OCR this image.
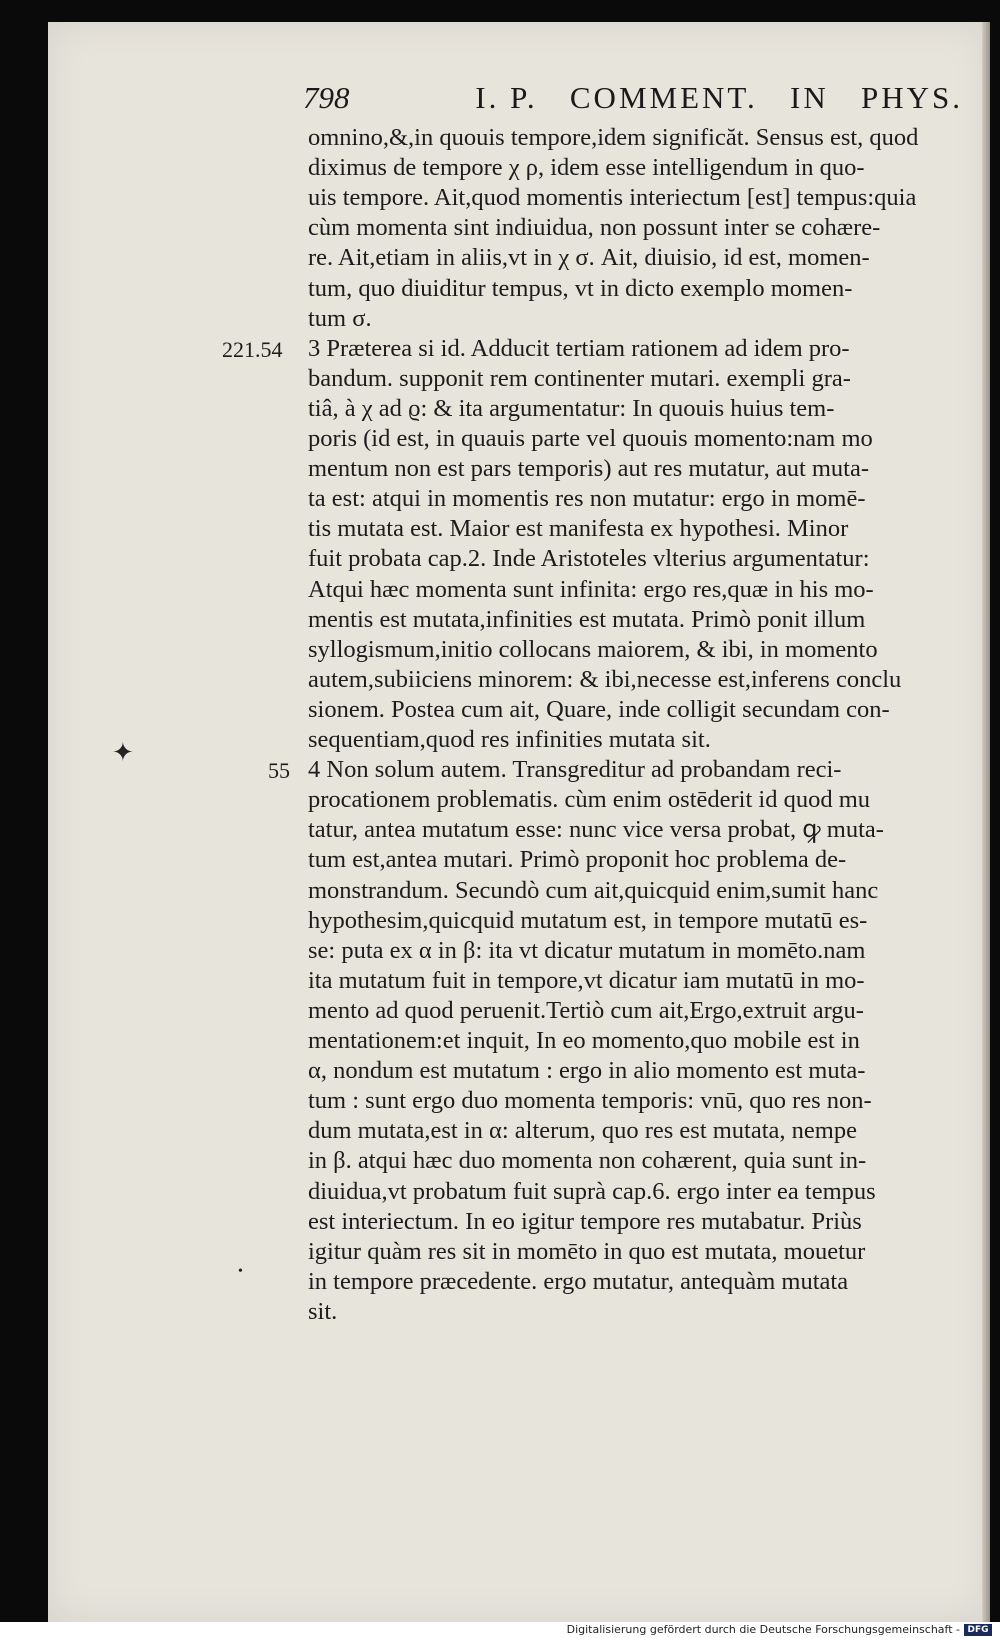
798	I. P.   COMMENT.   IN   PHYS.
omnino,&,in quouis tempore,idem significăt. Sensus est, quod
diximus de tempore χ ρ, idem esse intelligendum in quo-
uis tempore. Ait,quod momentis interiectum [est] tempus:quia
cùm momenta sint indiuidua, non possunt inter se cohære-
re. Ait,etiam in aliis,vt in χ σ. Ait, diuisio, id est, momen-
tum, quo diuiditur tempus, vt in dicto exemplo momen-
tum σ.
3 Præterea si id. Adducit tertiam rationem ad idem pro-
bandum. supponit rem continenter mutari. exempli gra-
tiâ, à χ ad ϱ: & ita argumentatur: In quouis huius tem-
poris (id est, in quauis parte vel quouis momento:nam mo
mentum non est pars temporis) aut res mutatur, aut muta-
ta est: atqui in momentis res non mutatur: ergo in momē-
tis mutata est. Maior est manifesta ex hypothesi. Minor
fuit probata cap.2. Inde Aristoteles vlterius argumentatur:
Atqui hæc momenta sunt infinita: ergo res,quæ in his mo-
mentis est mutata,infinities est mutata. Primò ponit illum
syllogismum,initio collocans maiorem, & ibi, in momento
autem,subiiciens minorem: & ibi,necesse est,inferens conclu
sionem. Postea cum ait, Quare, inde colligit secundam con-
sequentiam,quod res infinities mutata sit.
4 Non solum autem. Transgreditur ad probandam reci-
procationem problematis. cùm enim ostēderit id quod mu
tatur, antea mutatum esse: nunc vice versa probat, ꝙ muta-
tum est,antea mutari. Primò proponit hoc problema de-
monstrandum. Secundò cum ait,quicquid enim,sumit hanc
hypothesim,quicquid mutatum est, in tempore mutatū es-
se: puta ex α in β: ita vt dicatur mutatum in momēto.nam
ita mutatum fuit in tempore,vt dicatur iam mutatū in mo-
mento ad quod peruenit.Tertiò cum ait,Ergo,extruit argu-
mentationem:et inquit, In eo momento,quo mobile est in
α, nondum est mutatum : ergo in alio momento est muta-
tum : sunt ergo duo momenta temporis: vnū, quo res non-
dum mutata,est in α: alterum, quo res est mutata, nempe
in β. atqui hæc duo momenta non cohærent, quia sunt in-
diuidua,vt probatum fuit suprà cap.6. ergo inter ea tempus
est interiectum. In eo igitur tempore res mutabatur. Priùs
igitur quàm res sit in momēto in quo est mutata, mouetur
in tempore præcedente. ergo mutatur, antequàm mutata
sit.
221.54
55
✦
•
Digitalisierung gefördert durch die Deutsche Forschungsgemeinschaft - DFG
